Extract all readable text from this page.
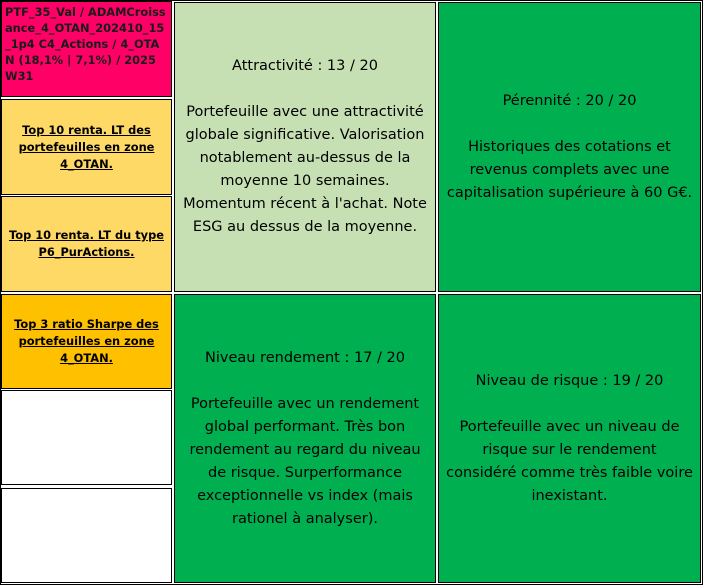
PTF_35_Val / ADAMCroissance_4_OTAN_202410_15_1p4 C4_Actions / 4_OTAN (18,1% | 7,1%) / 2025W31
Top 10 renta. LT des portefeuilles en zone 4_OTAN.
Top 10 renta. LT du type P6_PurActions.
Top 3 ratio Sharpe des portefeuilles en zone 4_OTAN.
Attractivité : 13 / 20
Portefeuille avec une attractivité globale significative. Valorisation notablement au-dessus de la moyenne 10 semaines. Momentum récent à l'achat. Note ESG au dessus de la moyenne.
Pérennité : 20 / 20
Historiques des cotations et revenus complets avec une capitalisation supérieure à 60 G€.
Niveau rendement : 17 / 20
Portefeuille avec un rendement global performant. Très bon rendement au regard du niveau de risque. Surperformance exceptionnelle vs index (mais rationel à analyser).
Niveau de risque : 19 / 20
Portefeuille avec un niveau de risque sur le rendement considéré comme très faible voire inexistant.
